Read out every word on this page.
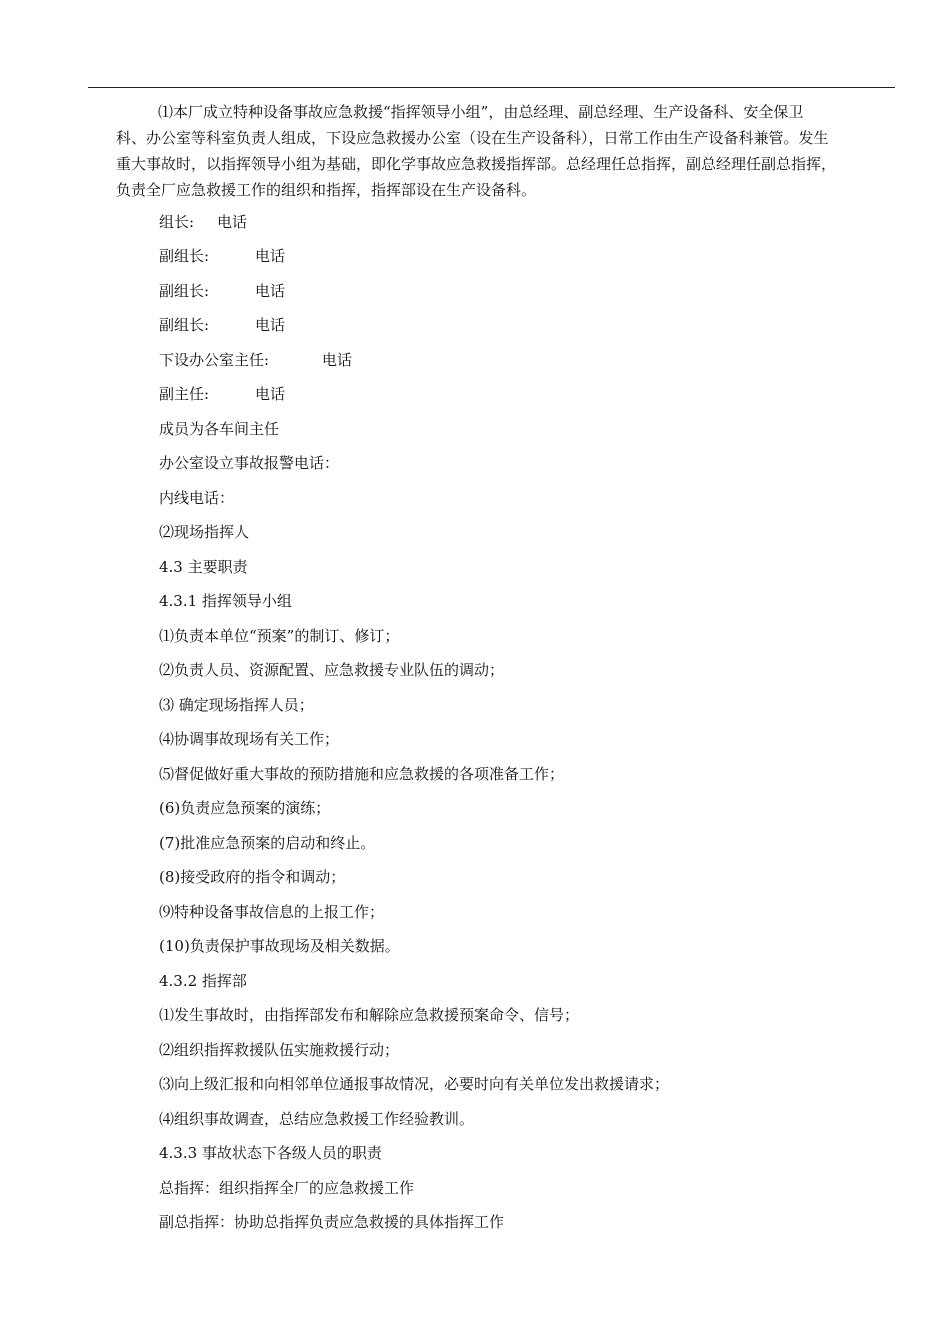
⑴本厂成立特种设备事故应急救援“指挥领导小组”，由总经理、副总经理、生产设备科、安全保卫
科、办公室等科室负责人组成，下设应急救援办公室（设在生产设备科），日常工作由生产设备科兼管。发生
重大事故时，以指挥领导小组为基础，即化学事故应急救援指挥部。总经理任总指挥，副总经理任副总指挥，
负责全厂应急救援工作的组织和指挥，指挥部设在生产设备科。
组长: 电话
副组长:	电话
副组长:	电话
副组长:	电话
下设办公室主任:	电话
副主任:	电话
成员为各车间主任
办公室设立事故报警电话：
内线电话：
⑵现场指挥人
4.3 主要职责
4.3.1 指挥领导小组
⑴负责本单位“预案”的制订、修订；
⑵负责人员、资源配置、应急救援专业队伍的调动；
⑶ 确定现场指挥人员；
⑷协调事故现场有关工作；
⑸督促做好重大事故的预防措施和应急救援的各项准备工作；
(6)负责应急预案的演练；
(7)批准应急预案的启动和终止。
(8)接受政府的指令和调动；
⑼特种设备事故信息的上报工作；
(10)负责保护事故现场及相关数据。
4.3.2 指挥部
⑴发生事故时，由指挥部发布和解除应急救援预案命令、信号；
⑵组织指挥救援队伍实施救援行动；
⑶向上级汇报和向相邻单位通报事故情况，必要时向有关单位发出救援请求；
⑷组织事故调查，总结应急救援工作经验教训。
4.3.3 事故状态下各级人员的职责
总指挥：组织指挥全厂的应急救援工作
副总指挥：协助总指挥负责应急救援的具体指挥工作
